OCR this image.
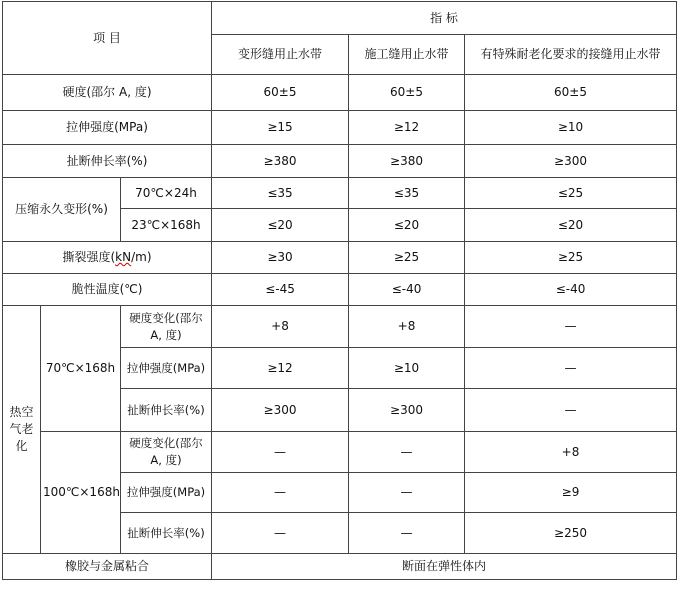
项 目			指 标		
			变形缝用止水带	施工缝用止水带	有特殊耐老化要求的接缝用止水带
硬度(邵尔 A, 度)			60±5	60±5	60±5
拉伸强度(MPa)			≥15	≥12	≥10
扯断伸长率(%)			≥380	≥380	≥300
压缩永久变形(%)		70℃×24h	≤35	≤35	≤25
		23℃×168h	≤20	≤20	≤20
撕裂强度(kN/m)			≥30	≥25	≥25
脆性温度(℃)			≤-45	≤-40	≤-40
热空气老化	70℃×168h	硬度变化(邵尔 A, 度)	+8	+8	—
		拉伸强度(MPa)	≥12	≥10	—
		扯断伸长率(%)	≥300	≥300	—
	100℃×168h	硬度变化(邵尔 A, 度)	—	—	+8
		拉伸强度(MPa)	—	—	≥9
		扯断伸长率(%)	—	—	≥250
橡胶与金属粘合			断面在弹性体内		
